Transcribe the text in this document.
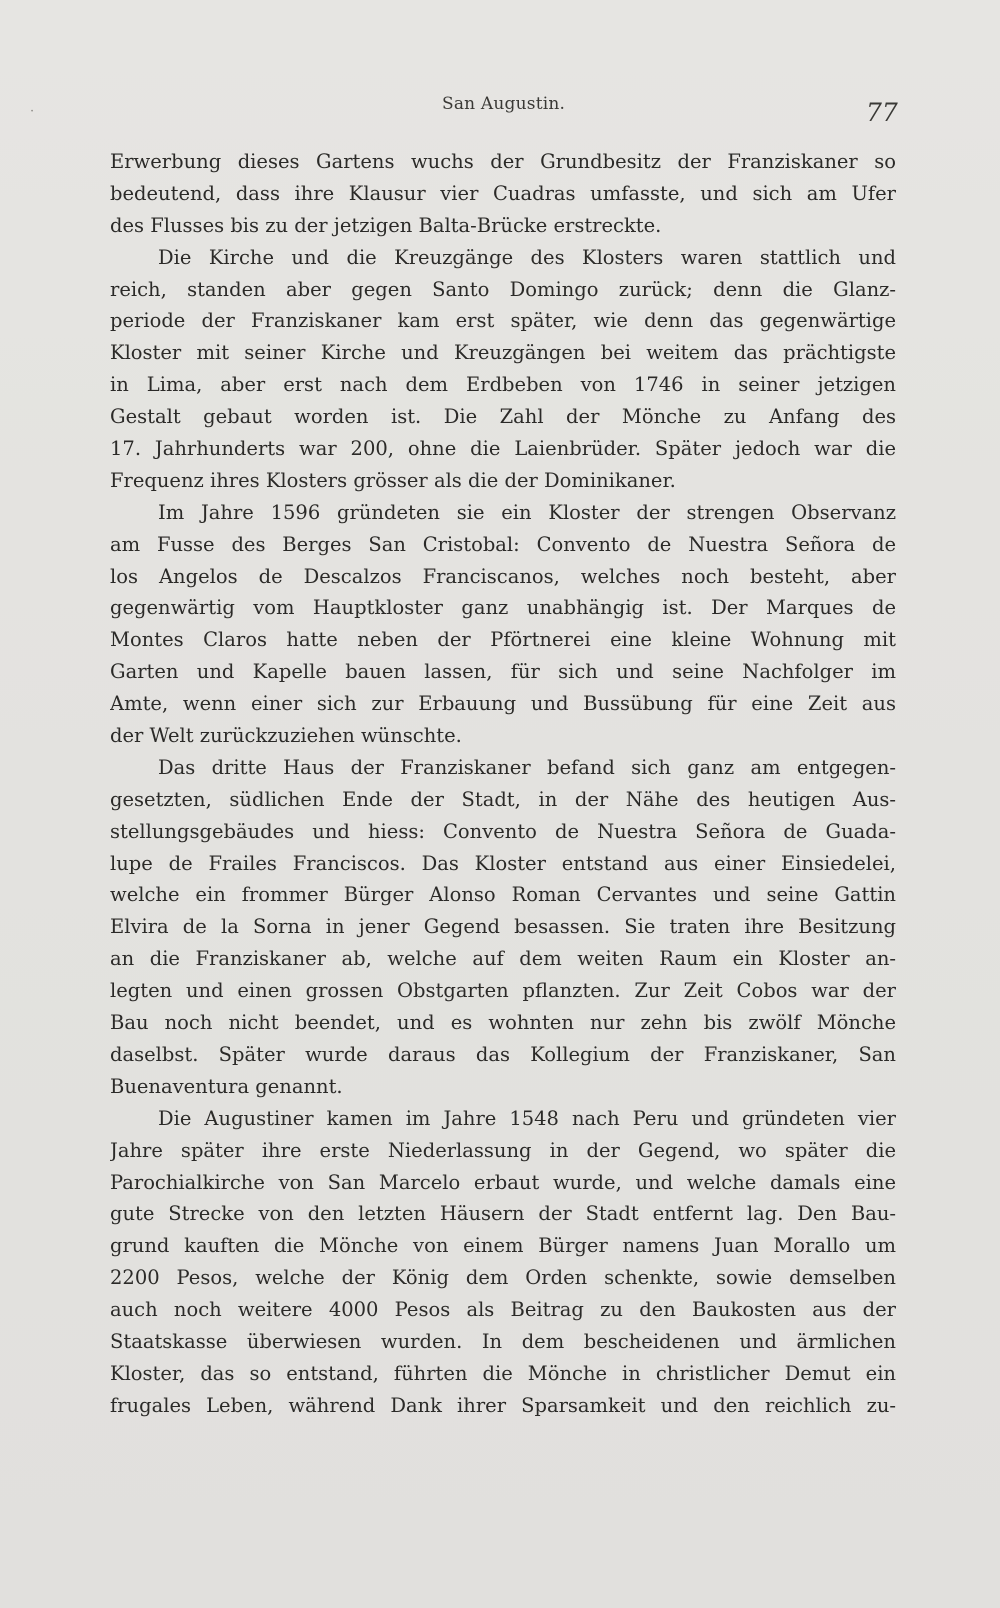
·	San Augustin.	77
Erwerbung dieses Gartens wuchs der Grundbesitz der Franziskaner so
bedeutend, dass ihre Klausur vier Cuadras umfasste, und sich am Ufer
des Flusses bis zu der jetzigen Balta-Brücke erstreckte.
Die Kirche und die Kreuzgänge des Klosters waren stattlich und
reich, standen aber gegen Santo Domingo zurück; denn die Glanz-
periode der Franziskaner kam erst später, wie denn das gegenwärtige
Kloster mit seiner Kirche und Kreuzgängen bei weitem das prächtigste
in Lima, aber erst nach dem Erdbeben von 1746 in seiner jetzigen
Gestalt gebaut worden ist. Die Zahl der Mönche zu Anfang des
17. Jahrhunderts war 200, ohne die Laienbrüder. Später jedoch war die
Frequenz ihres Klosters grösser als die der Dominikaner.
Im Jahre 1596 gründeten sie ein Kloster der strengen Observanz
am Fusse des Berges San Cristobal: Convento de Nuestra Señora de
los Angelos de Descalzos Franciscanos, welches noch besteht, aber
gegenwärtig vom Hauptkloster ganz unabhängig ist. Der Marques de
Montes Claros hatte neben der Pförtnerei eine kleine Wohnung mit
Garten und Kapelle bauen lassen, für sich und seine Nachfolger im
Amte, wenn einer sich zur Erbauung und Bussübung für eine Zeit aus
der Welt zurückzuziehen wünschte.
Das dritte Haus der Franziskaner befand sich ganz am entgegen-
gesetzten, südlichen Ende der Stadt, in der Nähe des heutigen Aus-
stellungsgebäudes und hiess: Convento de Nuestra Señora de Guada-
lupe de Frailes Franciscos. Das Kloster entstand aus einer Einsiedelei,
welche ein frommer Bürger Alonso Roman Cervantes und seine Gattin
Elvira de la Sorna in jener Gegend besassen. Sie traten ihre Besitzung
an die Franziskaner ab, welche auf dem weiten Raum ein Kloster an-
legten und einen grossen Obstgarten pflanzten. Zur Zeit Cobos war der
Bau noch nicht beendet, und es wohnten nur zehn bis zwölf Mönche
daselbst. Später wurde daraus das Kollegium der Franziskaner, San
Buenaventura genannt.
Die Augustiner kamen im Jahre 1548 nach Peru und gründeten vier
Jahre später ihre erste Niederlassung in der Gegend, wo später die
Parochialkirche von San Marcelo erbaut wurde, und welche damals eine
gute Strecke von den letzten Häusern der Stadt entfernt lag. Den Bau-
grund kauften die Mönche von einem Bürger namens Juan Morallo um
2200 Pesos, welche der König dem Orden schenkte, sowie demselben
auch noch weitere 4000 Pesos als Beitrag zu den Baukosten aus der
Staatskasse überwiesen wurden. In dem bescheidenen und ärmlichen
Kloster, das so entstand, führten die Mönche in christlicher Demut ein
frugales Leben, während Dank ihrer Sparsamkeit und den reichlich zu-
